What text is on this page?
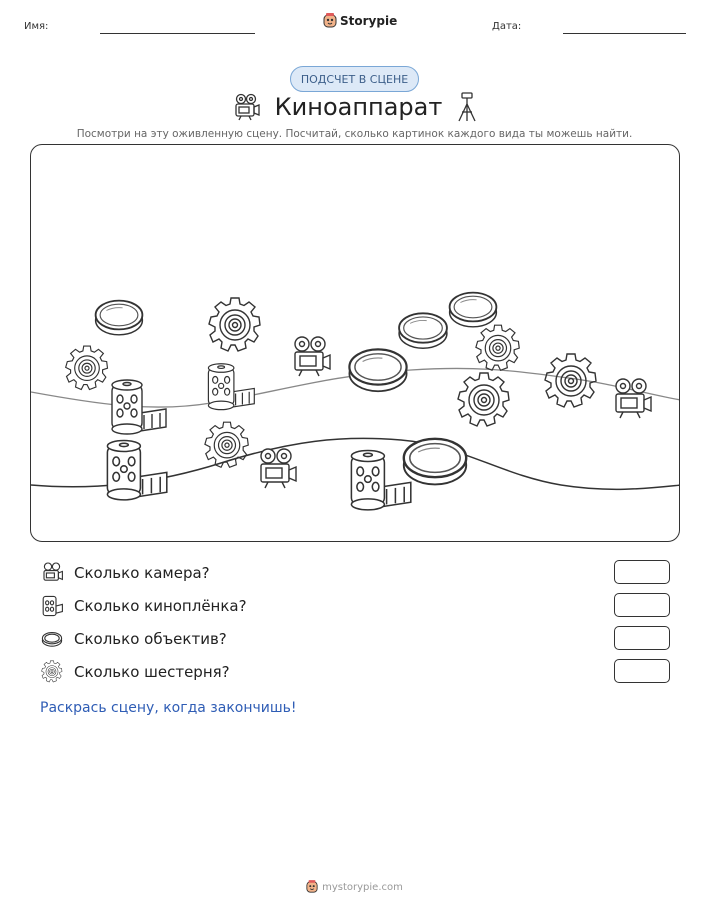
Имя:	Storypie	Дата:
ПОДСЧЕТ В СЦЕНЕ
Киноаппарат
Посмотри на эту оживленную сцену. Посчитай, сколько картинок каждого вида ты можешь найти.
Сколько камера?
Сколько киноплёнка?
Сколько объектив?
Сколько шестерня?
Раскрась сцену, когда закончишь!
mystorypie.com
